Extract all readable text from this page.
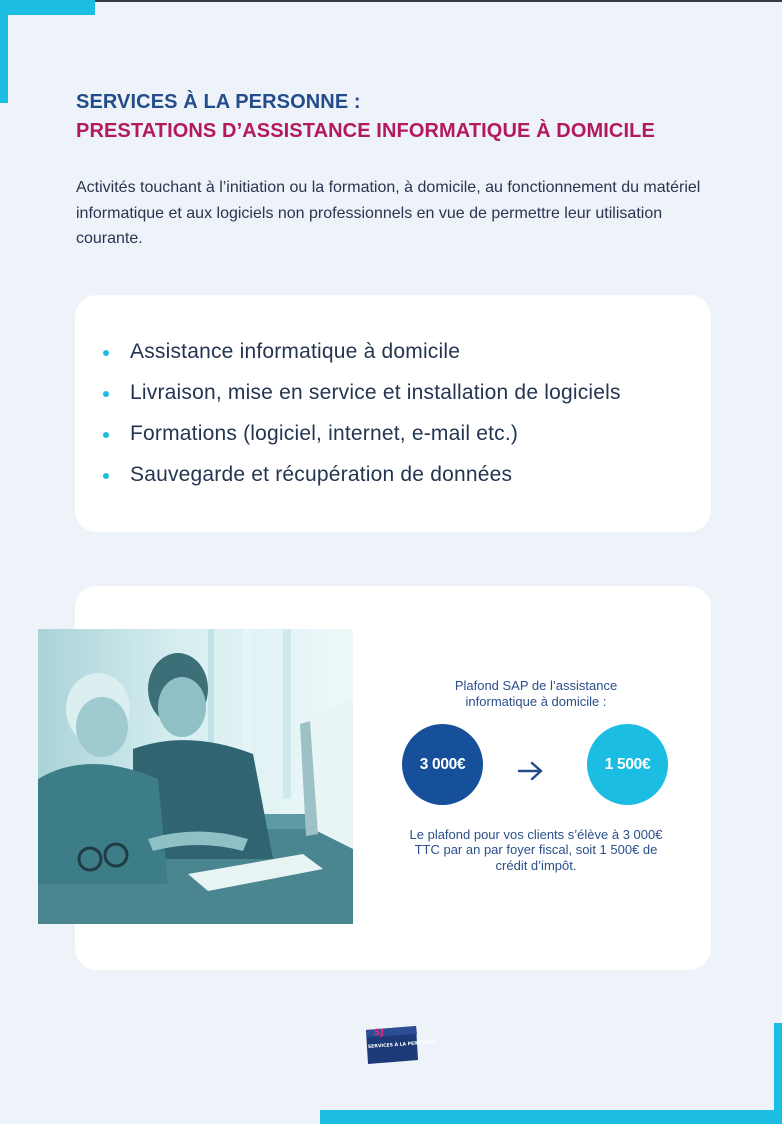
SERVICES À LA PERSONNE :
PRESTATIONS D’ASSISTANCE INFORMATIQUE À DOMICILE

Activités touchant à l’initiation ou la formation, à domicile, au fonctionnement du matériel informatique et aux logiciels non professionnels en vue de permettre leur utilisation courante.

Assistance informatique à domicile
Livraison, mise en service et installation de logiciels
Formations (logiciel, internet, e-mail etc.)
Sauvegarde et récupération de données

Plafond SAP de l’assistance informatique à domicile :

3 000€	1 500€

Le plafond pour vos clients s’élève à 3 000€ TTC par an par foyer fiscal, soit 1 500€ de crédit d’impôt.

SJ
SERVICES À LA PERSONNE
